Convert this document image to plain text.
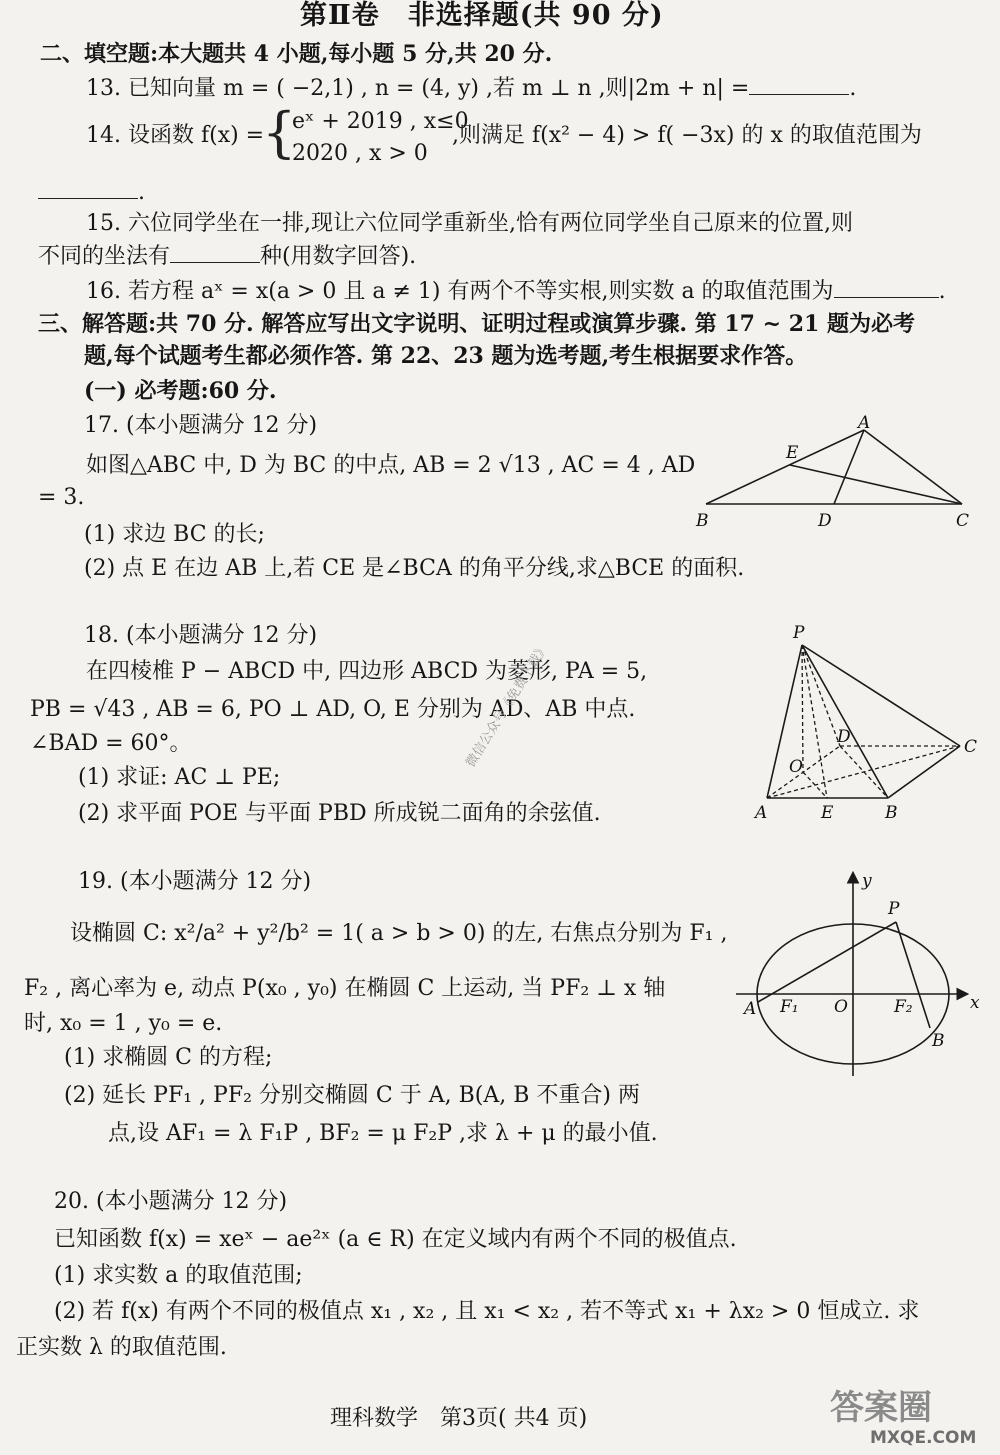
第Ⅱ卷　非选择题(共 90 分)
二、填空题:本大题共 4 小题,每小题 5 分,共 20 分.
13. 已知向量 m = ( −2,1) , n = (4, y) ,若 m ⊥ n ,则|2m + n| =	.
14. 设函数 f(x) =
{
eˣ + 2019 , x≤0
2020 , x > 0
,则满足 f(x² − 4) > f( −3x) 的 x 的取值范围为
.
15. 六位同学坐在一排,现让六位同学重新坐,恰有两位同学坐自己原来的位置,则
不同的坐法有	种(用数字回答).
16. 若方程 aˣ = x(a > 0 且 a ≠ 1) 有两个不等实根,则实数 a 的取值范围为	.
三、解答题:共 70 分. 解答应写出文字说明、证明过程或演算步骤. 第 17 ~ 21 题为必考
题,每个试题考生都必须作答. 第 22、23 题为选考题,考生根据要求作答。
(一) 必考题:60 分.
17. (本小题满分 12 分)
如图△ABC 中, D 为 BC 的中点, AB = 2 √13 , AC = 4 , AD
= 3.
(1) 求边 BC 的长;
(2) 点 E 在边 AB 上,若 CE 是∠BCA 的角平分线,求△BCE 的面积.
A
E
B	D	C
18. (本小题满分 12 分)
在四棱椎 P − ABCD 中, 四边形 ABCD 为菱形, PA = 5,
PB = √43 , AB = 6, PO ⊥ AD, O, E 分别为 AD、AB 中点.
∠BAD = 60°。
(1) 求证: AC ⊥ PE;
(2) 求平面 POE 与平面 PBD 所成锐二面角的余弦值.
微信公众号《免费下载》
P
D	C
O
A	E	B
19. (本小题满分 12 分)
设椭圆 C: x²/a² + y²/b² = 1( a > b > 0) 的左, 右焦点分别为 F₁ ,
F₂ , 离心率为 e, 动点 P(x₀ , y₀) 在椭圆 C 上运动, 当 PF₂ ⊥ x 轴
时, x₀ = 1 , y₀ = e.
(1) 求椭圆 C 的方程;
(2) 延长 PF₁ , PF₂ 分别交椭圆 C 于 A, B(A, B 不重合) 两
点,设 AF₁ = λ F₁P , BF₂ = μ F₂P ,求 λ + μ 的最小值.
y
x
P
A F₁ O	F₂
B
20. (本小题满分 12 分)
已知函数 f(x) = xeˣ − ae²ˣ (a ∈ R) 在定义域内有两个不同的极值点.
(1) 求实数 a 的取值范围;
(2) 若 f(x) 有两个不同的极值点 x₁ , x₂ , 且 x₁ < x₂ , 若不等式 x₁ + λx₂ > 0 恒成立. 求
正实数 λ 的取值范围.
理科数学　第3页( 共4 页)	答案圈
MXQE.COM
